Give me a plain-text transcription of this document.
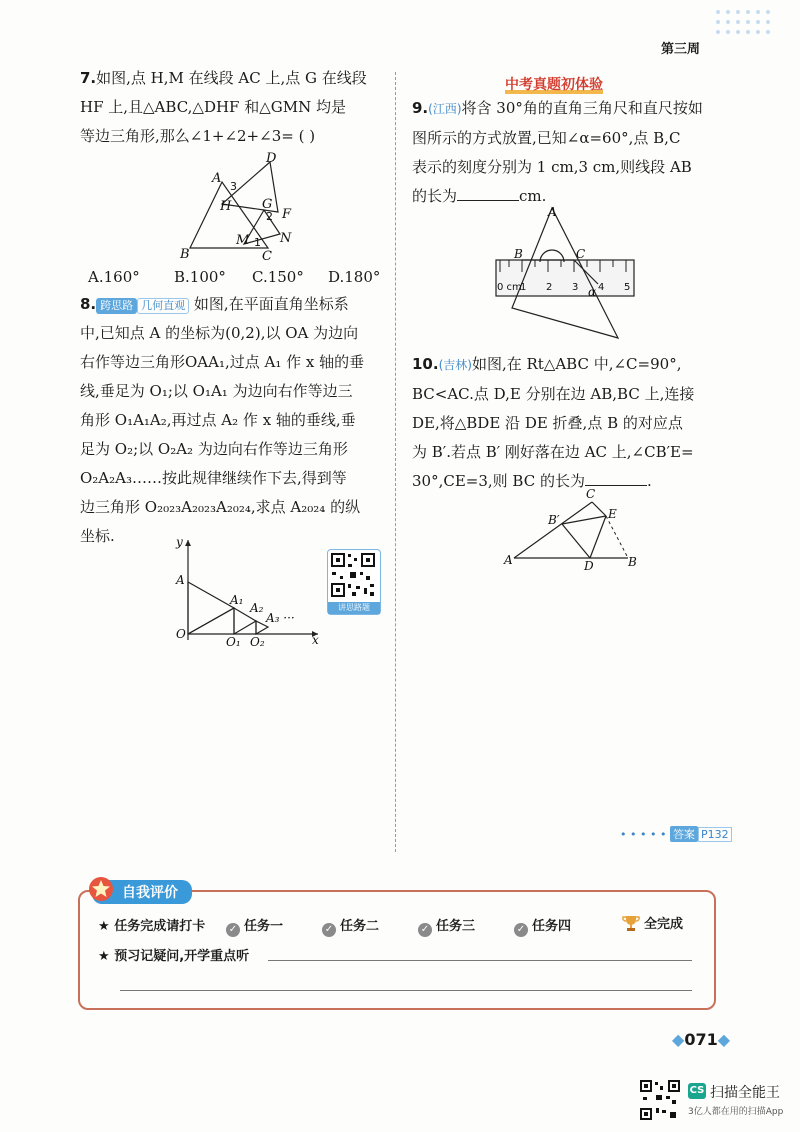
第三周
7.如图,点 H,M 在线段 AC 上,点 G 在线段
HF 上,且△ABC,△DHF 和△GMN 均是
等边三角形,那么∠1+∠2+∠3= ( )
A
B	C
D
H G
F
M N
1
2
3
A.160° B.100° C.150° D.180°
8. 跨思路 几何直观 如图,在平面直角坐标系
中,已知点 A 的坐标为(0,2),以 OA 为边向
右作等边三角形OAA₁,过点 A₁ 作 x 轴的垂
线,垂足为 O₁;以 O₁A₁ 为边向右作等边三
角形 O₁A₁A₂,再过点 A₂ 作 x 轴的垂线,垂
足为 O₂;以 O₂A₂ 为边向右作等边三角形
O₂A₂A₃……按此规律继续作下去,得到等
边三角形 O₂₀₂₃A₂₀₂₃A₂₀₂₄,求点 A₂₀₂₄ 的纵
坐标.	y
x
A
O
A₁
A₂
A₃ ···
O₁ O₂
讲思路题
中考真题初体验
9.(江西)将含 30°角的直角三角尺和直尺按如
图所示的方式放置,已知∠α=60°,点 B,C
表示的刻度分别为 1 cm,3 cm,则线段 AB
的长为	cm.
A
B	C
α
0 cm
1 2 3 4 5
10.(吉林)如图,在 Rt△ABC 中,∠C=90°,
BC<AC.点 D,E 分别在边 AB,BC 上,连接
DE,将△BDE 沿 DE 折叠,点 B 的对应点
为 B′.若点 B′ 刚好落在边 AC 上,∠CB′E=
30°,CE=3,则 BC 的长为	.
C
E
B′
A	D	B
• • • • • 答案 P132
自我评价
★ 任务完成请打卡 ✓ 任务一	✓ 任务二	✓ 任务三	✓ 任务四	全完成
★ 预习记疑问,开学重点听
◆071◆
CS 扫描全能王
3亿人都在用的扫描App
